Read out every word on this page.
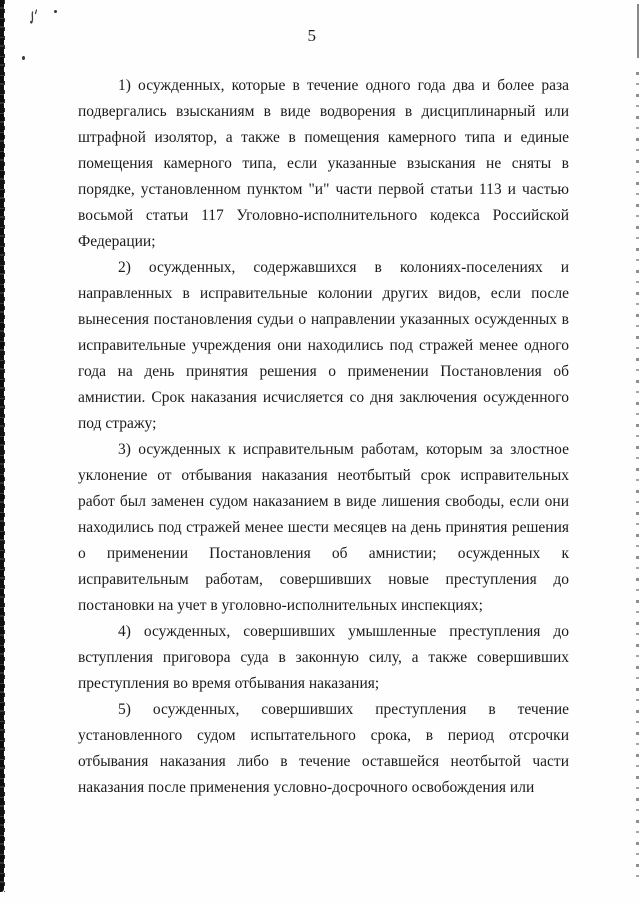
5
1) осужденных, которые в течение одного года два и более раза
подвергались взысканиям в виде водворения в дисциплинарный или
штрафной изолятор, а также в помещения камерного типа и единые
помещения камерного типа, если указанные взыскания не сняты в
порядке, установленном пунктом "и" части первой статьи 113 и частью
восьмой статьи 117 Уголовно-исполнительного кодекса Российской
Федерации;
2) осужденных, содержавшихся в колониях-поселениях и
направленных в исправительные колонии других видов, если после
вынесения постановления судьи о направлении указанных осужденных в
исправительные учреждения они находились под стражей менее одного
года на день принятия решения о применении Постановления об
амнистии. Срок наказания исчисляется со дня заключения осужденного
под стражу;
3) осужденных к исправительным работам, которым за злостное
уклонение от отбывания наказания неотбытый срок исправительных
работ был заменен судом наказанием в виде лишения свободы, если они
находились под стражей менее шести месяцев на день принятия решения
о применении Постановления об амнистии; осужденных к
исправительным работам, совершивших новые преступления до
постановки на учет в уголовно-исполнительных инспекциях;
4) осужденных, совершивших умышленные преступления до
вступления приговора суда в законную силу, а также совершивших
преступления во время отбывания наказания;
5) осужденных, совершивших преступления в течение
установленного судом испытательного срока, в период отсрочки
отбывания наказания либо в течение оставшейся неотбытой части
наказания после применения условно-досрочного освобождения или
